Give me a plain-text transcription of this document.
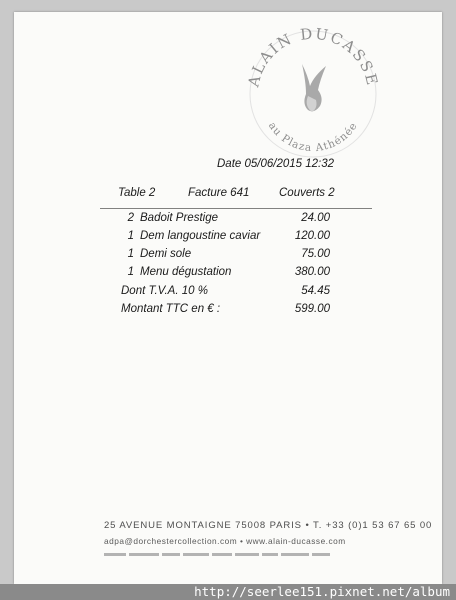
ALAIN DUCASSE
au Plaza Athénée
Date 05/06/2015 12:32
Table 2	Facture 641	Couverts 2
2 Badoit Prestige	24.00
1 Dem langoustine caviar	120.00
1 Demi sole	75.00
1 Menu dégustation	380.00
Dont T.V.A. 10 %	54.45
Montant TTC en € :	599.00
25 AVENUE MONTAIGNE 75008 PARIS • T. +33 (0)1 53 67 65 00
adpa@dorchestercollection.com • www.alain-ducasse.com
http://seerlee151.pixnet.net/album
